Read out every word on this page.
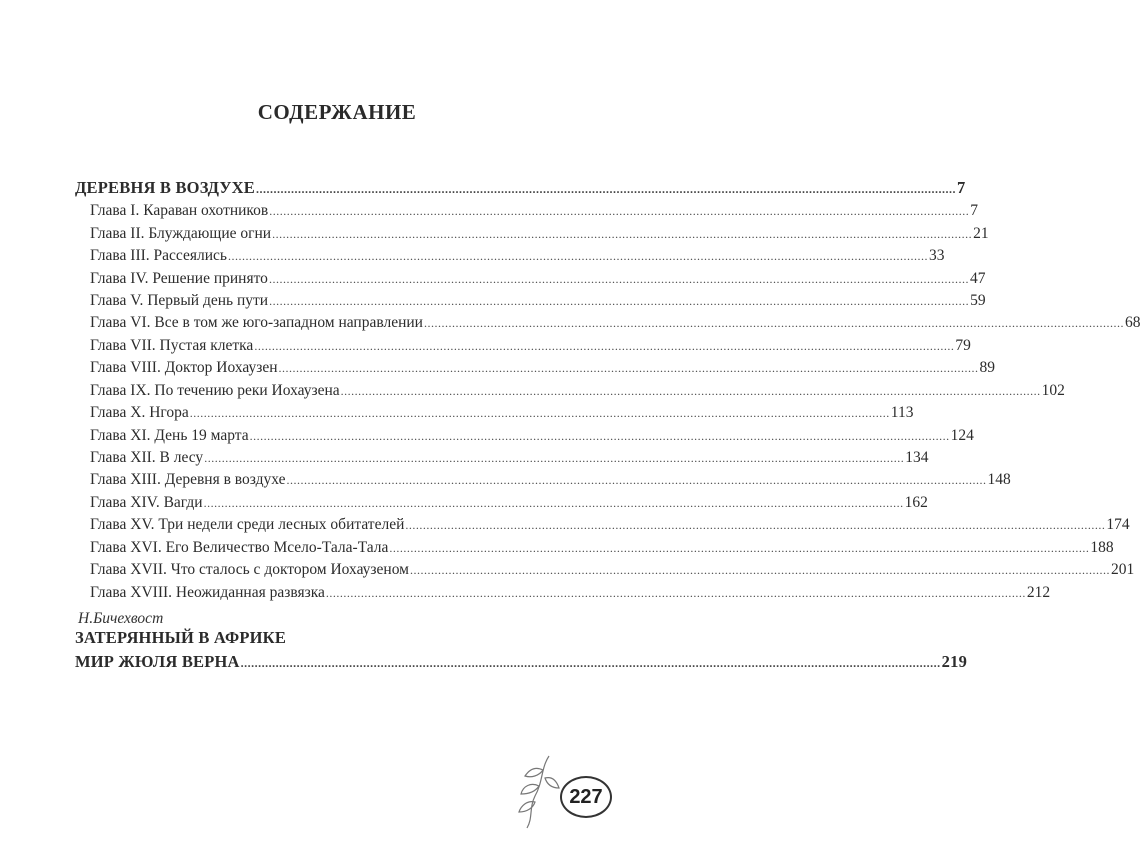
СОДЕРЖАНИЕ
ДЕРЕВНЯ В ВОЗДУХЕ ........................................................................................................................................................................................................ 7
Глава I. Караван охотников ........................................................................................................................................................................................................ 7
Глава II. Блуждающие огни ........................................................................................................................................................................................................ 21
Глава III. Рассеялись ........................................................................................................................................................................................................ 33
Глава IV. Решение принято ........................................................................................................................................................................................................ 47
Глава V. Первый день пути ........................................................................................................................................................................................................ 59
Глава VI. Все в том же юго-западном направлении ........................................................................................................................................................................................................ 68
Глава VII. Пустая клетка ........................................................................................................................................................................................................ 79
Глава VIII. Доктор Иохаузен ........................................................................................................................................................................................................ 89
Глава IX. По течению реки Иохаузена ........................................................................................................................................................................................................ 102
Глава X. Нгора ........................................................................................................................................................................................................ 113
Глава XI. День 19 марта ........................................................................................................................................................................................................ 124
Глава XII. В лесу ........................................................................................................................................................................................................ 134
Глава XIII. Деревня в воздухе ........................................................................................................................................................................................................ 148
Глава XIV. Вагди ........................................................................................................................................................................................................ 162
Глава XV. Три недели среди лесных обитателей ........................................................................................................................................................................................................ 174
Глава XVI. Его Величество Мсело-Тала-Тала ........................................................................................................................................................................................................ 188
Глава XVII. Что сталось с доктором Иохаузеном ........................................................................................................................................................................................................ 201
Глава XVIII. Неожиданная развязка ........................................................................................................................................................................................................ 212
Н.Бичехвост
ЗАТЕРЯННЫЙ В АФРИКЕ
МИР ЖЮЛЯ ВЕРНА ........................................................................................................................................................................................................ 219
227
